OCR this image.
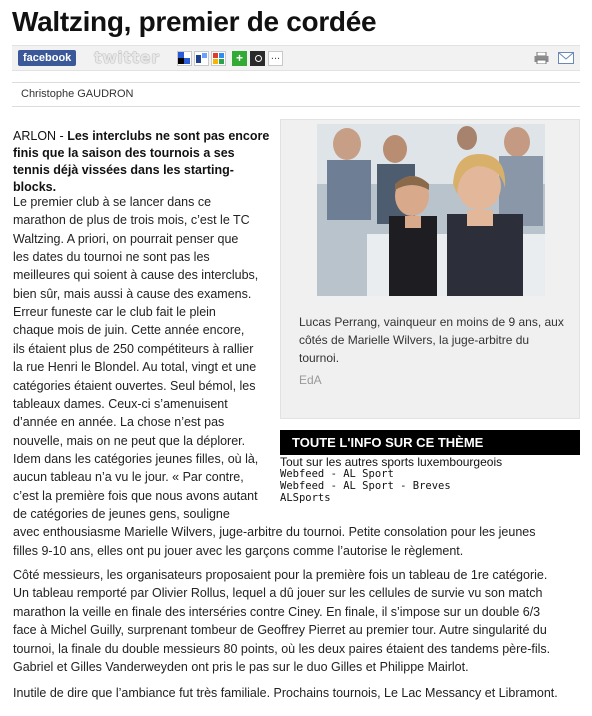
Waltzing, premier de cordée
facebook	twitter	+	...
Christophe GAUDRON
Lucas Perrang, vainqueur en moins de 9 ans, aux côtés de Marielle Wilvers, la juge-arbitre du tournoi.
EdA
TOUTE L'INFO SUR CE THÈME
Tout sur les autres sports luxembourgeois
Webfeed - AL Sport
Webfeed - AL Sport - Breves
ALSports

ARLON - Les interclubs ne sont pas encore finis que la saison des tournois a ses tennis déjà vissées dans les starting-blocks.

Le premier club à se lancer dans ce

marathon de plus de trois mois, c’est le TC

Waltzing. A priori, on pourrait penser que

les dates du tournoi ne sont pas les

meilleures qui soient à cause des interclubs,

bien sûr, mais aussi à cause des examens.

Erreur funeste car le club fait le plein

chaque mois de juin. Cette année encore,

ils étaient plus de 250 compétiteurs à rallier

la rue Henri le Blondel. Au total, vingt et une

catégories étaient ouvertes. Seul bémol, les

tableaux dames. Ceux-ci s’amenuisent

d’année en année. La chose n’est pas

nouvelle, mais on ne peut que la déplorer.

Idem dans les catégories jeunes filles, où là,

aucun tableau n’a vu le jour. « Par contre,

c’est la première fois que nous avons autant

de catégories de jeunes gens, souligne

avec enthousiasme Marielle Wilvers, juge-arbitre du tournoi. Petite consolation pour les jeunes

filles 9-10 ans, elles ont pu jouer avec les garçons comme l’autorise le règlement.

Côté messieurs, les organisateurs proposaient pour la première fois un tableau de 1re catégorie.

Un tableau remporté par Olivier Rollus, lequel a dû jouer sur les cellules de survie vu son match

marathon la veille en finale des interséries contre Ciney. En finale, il s’impose sur un double 6/3

face à Michel Guilly, surprenant tombeur de Geoffrey Pierret au premier tour. Autre singularité du

tournoi, la finale du double messieurs 80 points, où les deux paires étaient des tandems père-fils.

Gabriel et Gilles Vanderweyden ont pris le pas sur le duo Gilles et Philippe Mairlot.

Inutile de dire que l’ambiance fut très familiale. Prochains tournois, Le Lac Messancy et Libramont.
